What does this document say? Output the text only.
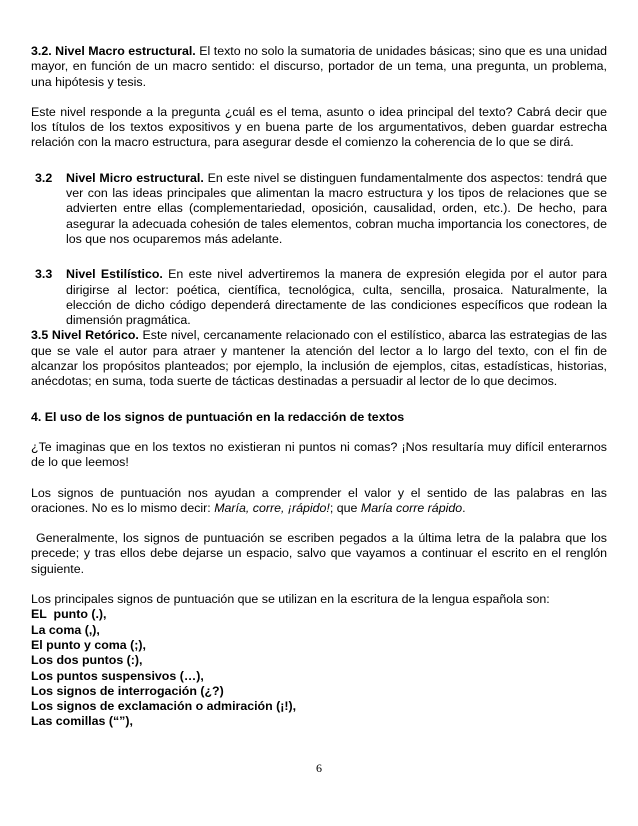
3.2. Nivel Macro estructural. El texto no solo la sumatoria de unidades básicas; sino que es una unidad mayor, en función de un macro sentido: el discurso, portador de un tema, una pregunta, un problema, una hipótesis y tesis.

Este nivel responde a la pregunta ¿cuál es el tema, asunto o idea principal del texto? Cabrá decir que los títulos de los textos expositivos y en buena parte de los argumentativos, deben guardar estrecha relación con la macro estructura, para asegurar desde el comienzo la coherencia de lo que se dirá.

3.2	Nivel Micro estructural. En este nivel se distinguen fundamentalmente dos aspectos: tendrá que ver con las ideas principales que alimentan la macro estructura y los tipos de relaciones que se advierten entre ellas (complementariedad, oposición, causalidad, orden, etc.). De hecho, para asegurar la adecuada cohesión de tales elementos, cobran mucha importancia los conectores, de los que nos ocuparemos más adelante.

3.3	Nivel Estilístico. En este nivel advertiremos la manera de expresión elegida por el autor para dirigirse al lector: poética, científica, tecnológica, culta, sencilla, prosaica. Naturalmente, la elección de dicho código dependerá directamente de las condiciones específicos que rodean la dimensión pragmática.

3.5 Nivel Retórico. Este nivel, cercanamente relacionado con el estilístico, abarca las estrategias de las que se vale el autor para atraer y mantener la atención del lector a lo largo del texto, con el fin de alcanzar los propósitos planteados; por ejemplo, la inclusión de ejemplos, citas, estadísticas, historias, anécdotas; en suma, toda suerte de tácticas destinadas a persuadir al lector de lo que decimos.

4. El uso de los signos de puntuación en la redacción de textos

¿Te imaginas que en los textos no existieran ni puntos ni comas? ¡Nos resultaría muy difícil enterarnos de lo que leemos!

Los signos de puntuación nos ayudan a comprender el valor y el sentido de las palabras en las oraciones. No es lo mismo decir: María, corre, ¡rápido!; que María corre rápido.

Generalmente, los signos de puntuación se escriben pegados a la última letra de la palabra que los precede; y tras ellos debe dejarse un espacio, salvo que vayamos a continuar el escrito en el renglón siguiente.

Los principales signos de puntuación que se utilizan en la escritura de la lengua española son:

EL  punto (.),

La coma (,),

El punto y coma (;),

Los dos puntos (:),

Los puntos suspensivos (…),

Los signos de interrogación (¿?)

Los signos de exclamación o admiración (¡!),

Las comillas (“”),

6
